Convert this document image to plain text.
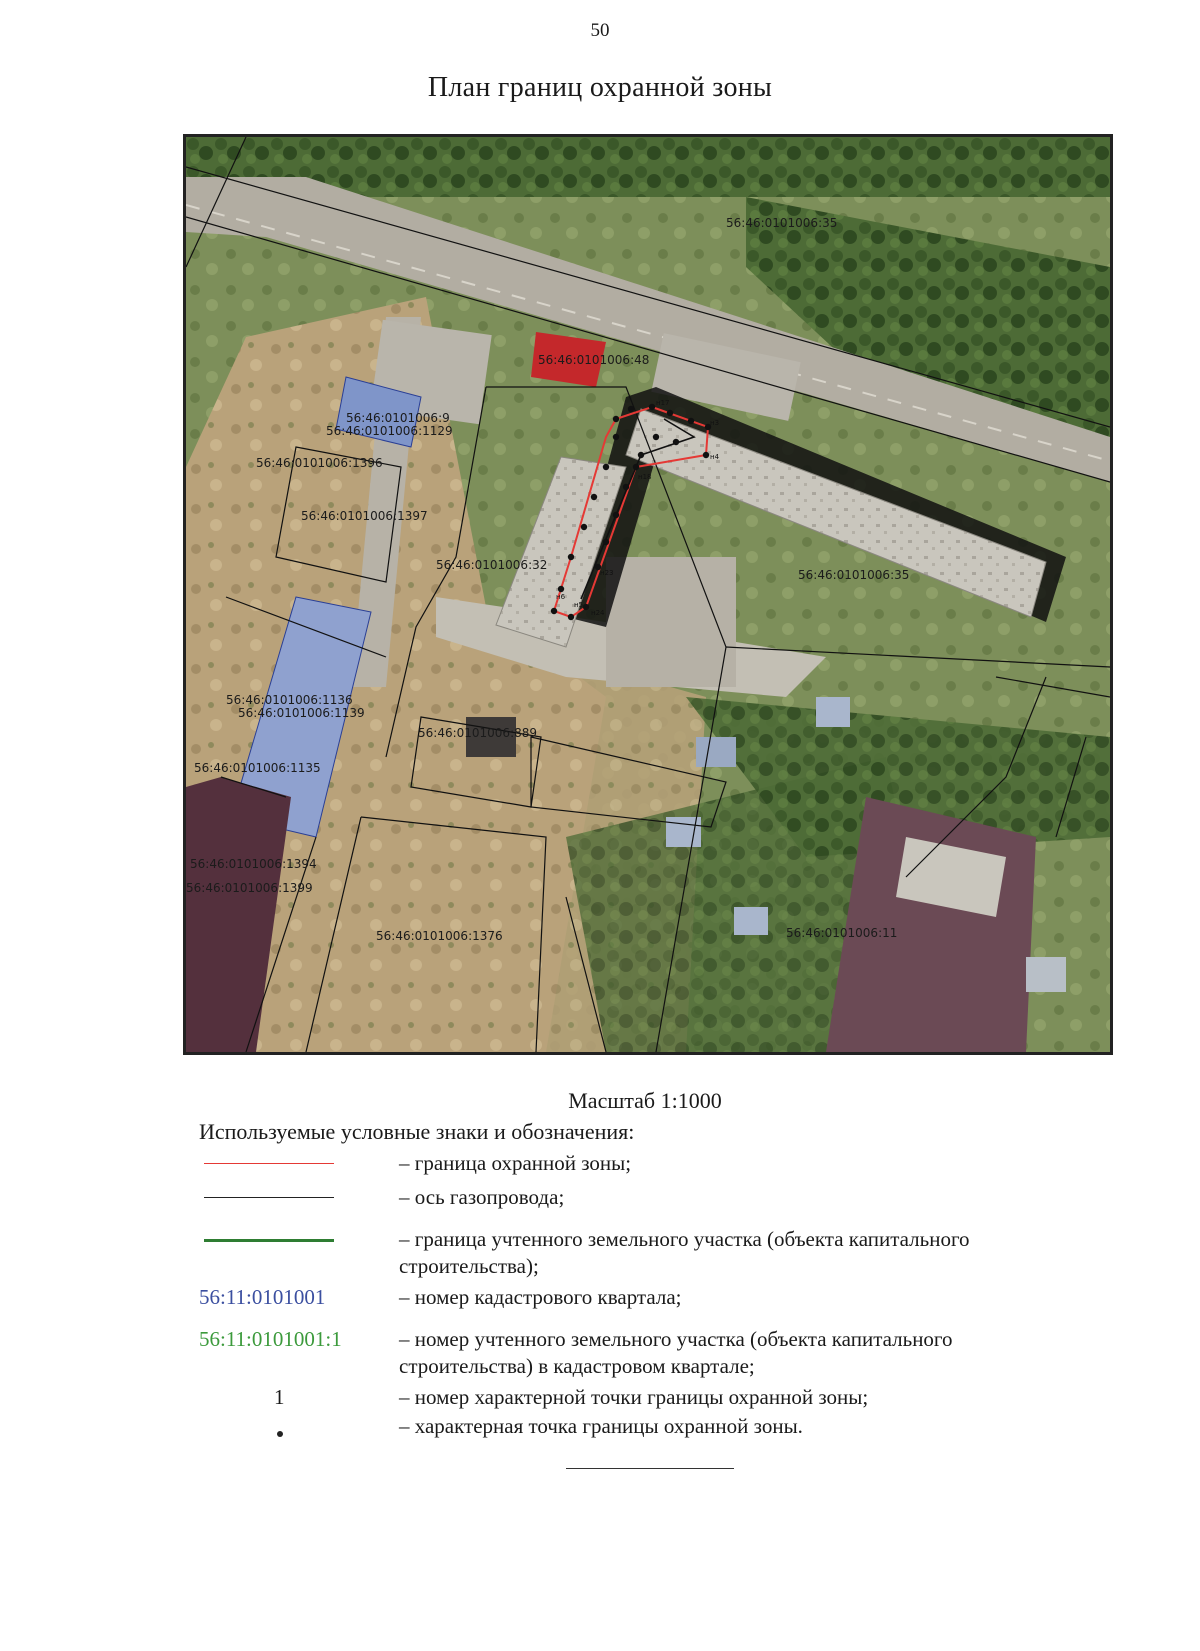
50
План границ охранной зоны
н17
н3
н4
н18
н5
н24
н23
н6
56:46:0101006:35
56:46:0101006:48
56:46:0101006:9
56:46:0101006:1129
56:46:0101006:1396
56:46:0101006:1397
56:46:0101006:32
56:46:0101006:35
56:46:0101006:1136
56:46:0101006:1139
56:46:0101006:889
56:46:0101006:1135
56:46:0101006:1394
56:46:0101006:1399
56:46:0101006:1376	56:46:0101006:11
Масштаб 1:1000
Используемые условные знаки и обозначения:
– граница охранной зоны;
– ось газопровода;
– граница учтенного земельного участка (объекта капитального строительства);
56:11:0101001	– номер кадастрового квартала;
56:11:0101001:1	– номер учтенного земельного участка (объекта капитального строительства) в кадастровом квартале;
1	– номер характерной точки границы охранной зоны;
– характерная точка границы охранной зоны.
